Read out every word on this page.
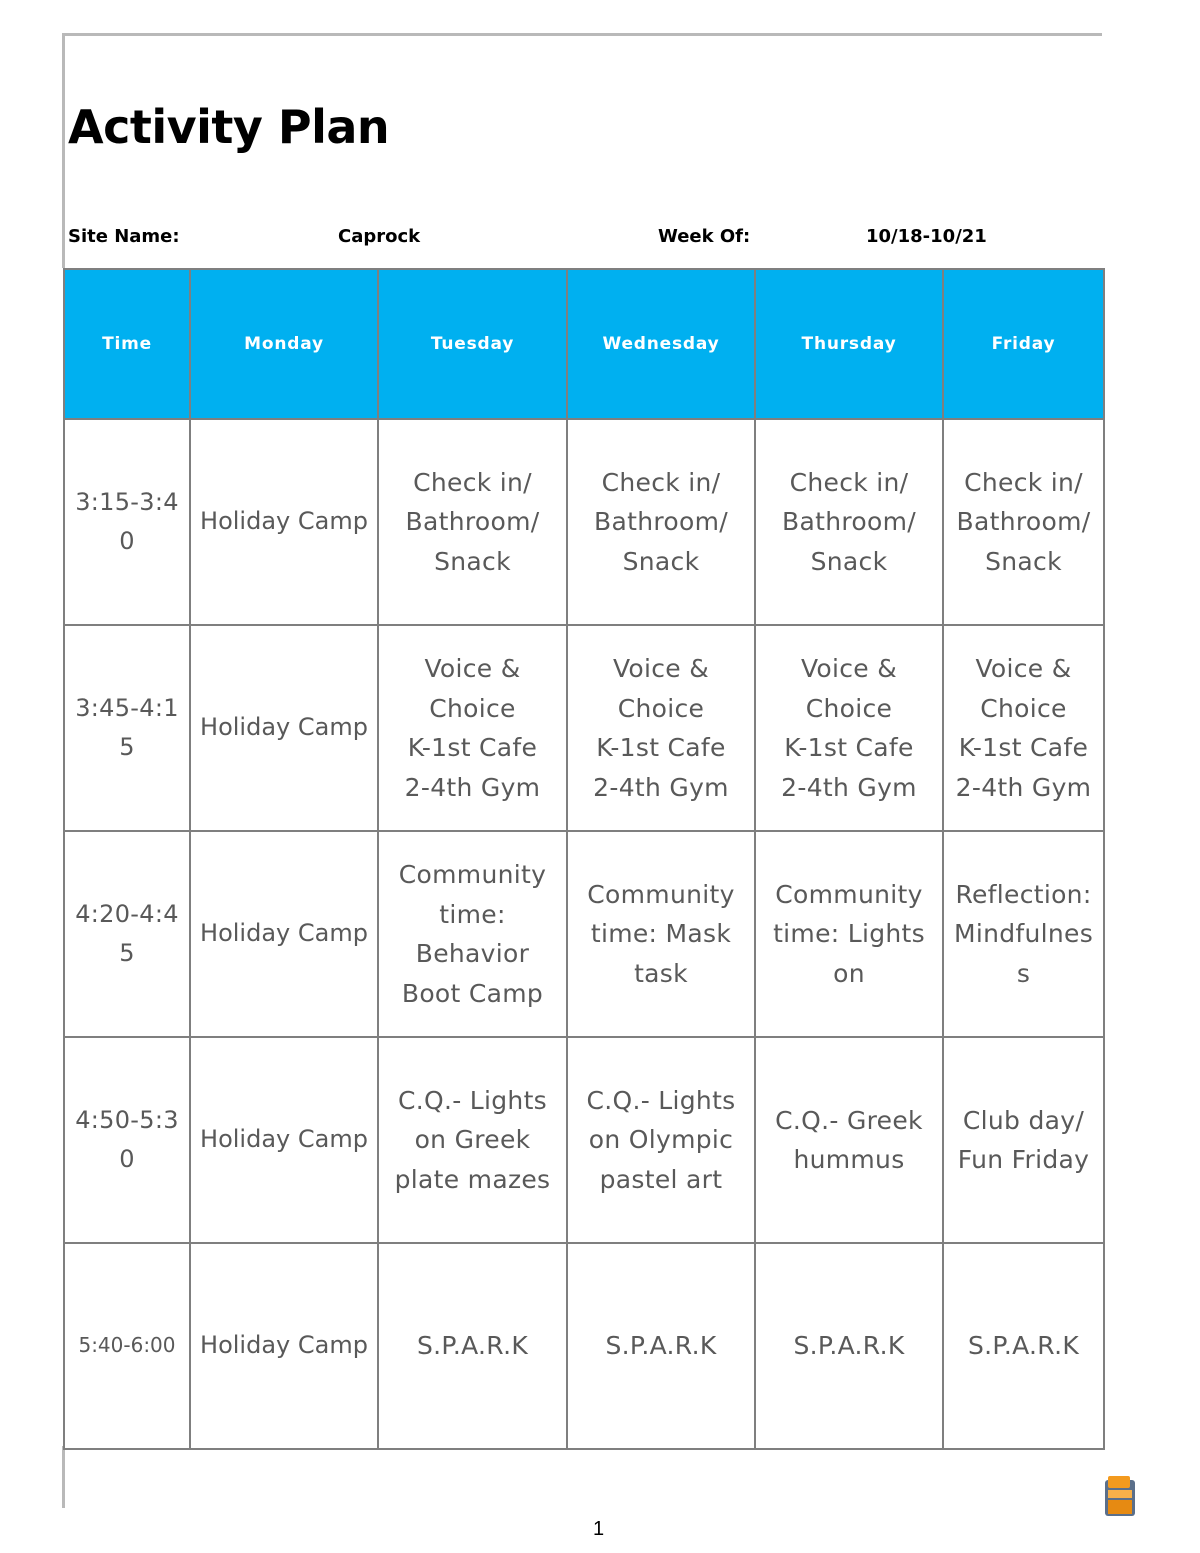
Activity Plan
Site Name:	Caprock	Week Of:	10/18-10/21
Time	Monday	Tuesday	Wednesday	Thursday	Friday

3:15-3:4
0	Holiday Camp	Check in/
Bathroom/
Snack	Check in/
Bathroom/
Snack	Check in/
Bathroom/
Snack	Check in/
Bathroom/
Snack

3:45-4:1
5	Holiday Camp	Voice &
Choice
K-1st Cafe
2-4th Gym	Voice &
Choice
K-1st Cafe
2-4th Gym	Voice &
Choice
K-1st Cafe
2-4th Gym	Voice &
Choice
K-1st Cafe
2-4th Gym

4:20-4:4
5	Holiday Camp	Community
time:
Behavior
Boot Camp	Community
time: Mask
task	Community
time: Lights
on	Reflection:
Mindfulnes
s

4:50-5:3
0	Holiday Camp	C.Q.- Lights
on Greek
plate mazes	C.Q.- Lights
on Olympic
pastel art	C.Q.- Greek
hummus	Club day/
Fun Friday

5:40-6:00	Holiday Camp	S.P.A.R.K	S.P.A.R.K	S.P.A.R.K	S.P.A.R.K
1
